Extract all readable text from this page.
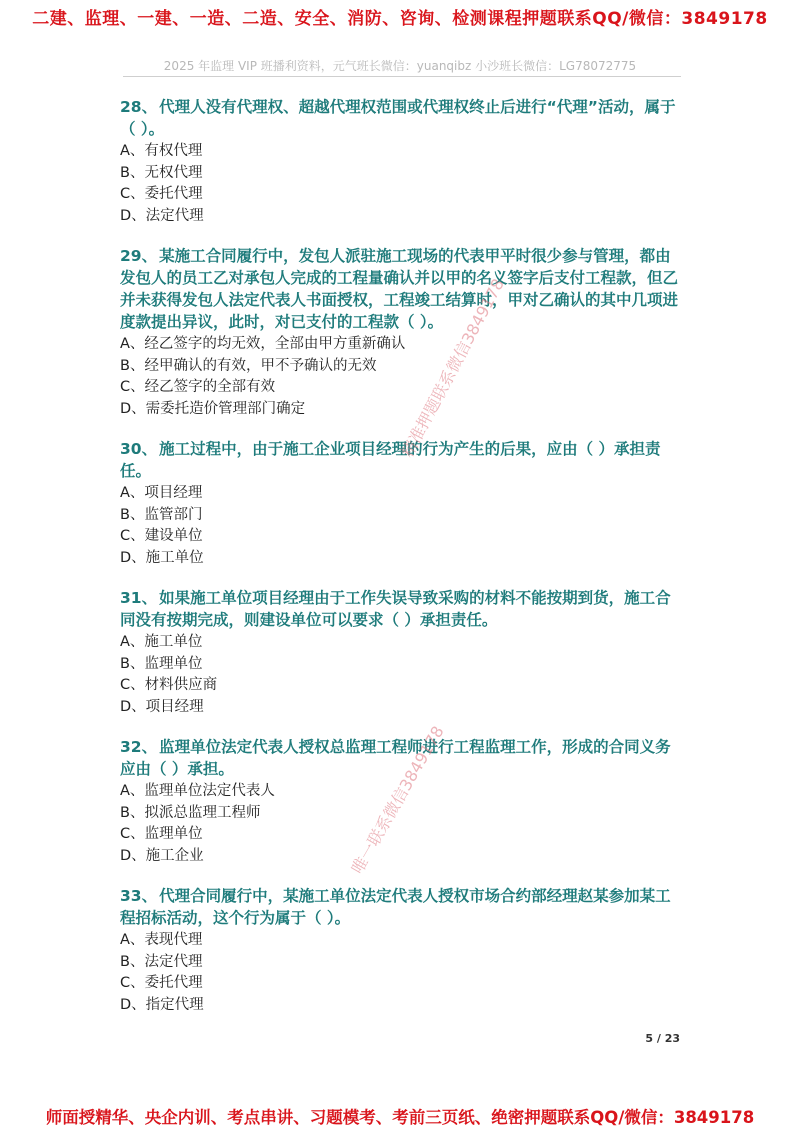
二建、监理、一建、一造、二造、安全、消防、咨询、检测课程押题联系QQ/微信：3849178
2025 年监理 VIP 班播利资料，元气班长微信：yuanqibz 小沙班长微信：LG78072775

28、 代理人没有代理权、超越代理权范围或代理权终止后进行“代理”活动，属于（ ）。

A、有权代理

B、无权代理

C、委托代理

D、法定代理

29、 某施工合同履行中，发包人派驻施工现场的代表甲平时很少参与管理，都由发包人的员工乙对承包人完成的工程量确认并以甲的名义签字后支付工程款，但乙并未获得发包人法定代表人书面授权，工程竣工结算时，甲对乙确认的其中几项进度款提出异议，此时，对已支付的工程款（ ）。

A、经乙签字的均无效，全部由甲方重新确认

B、经甲确认的有效，甲不予确认的无效

C、经乙签字的全部有效

D、需委托造价管理部门确定

30、 施工过程中，由于施工企业项目经理的行为产生的后果，应由（ ）承担责任。

A、项目经理

B、监管部门

C、建设单位

D、施工单位

31、 如果施工单位项目经理由于工作失误导致采购的材料不能按期到货，施工合同没有按期完成，则建设单位可以要求（ ）承担责任。

A、施工单位

B、监理单位

C、材料供应商

D、项目经理

32、 监理单位法定代表人授权总监理工程师进行工程监理工作，形成的合同义务应由（ ）承担。

A、监理单位法定代表人

B、拟派总监理工程师

C、监理单位

D、施工企业

33、 代理合同履行中，某施工单位法定代表人授权市场合约部经理赵某参加某工程招标活动，这个行为属于（ ）。

A、表现代理

B、法定代理

C、委托代理

D、指定代理

精准押题联系微信3849178
唯一联系微信3849178
5 / 23
师面授精华、央企内训、考点串讲、习题模考、考前三页纸、绝密押题联系QQ/微信：3849178
